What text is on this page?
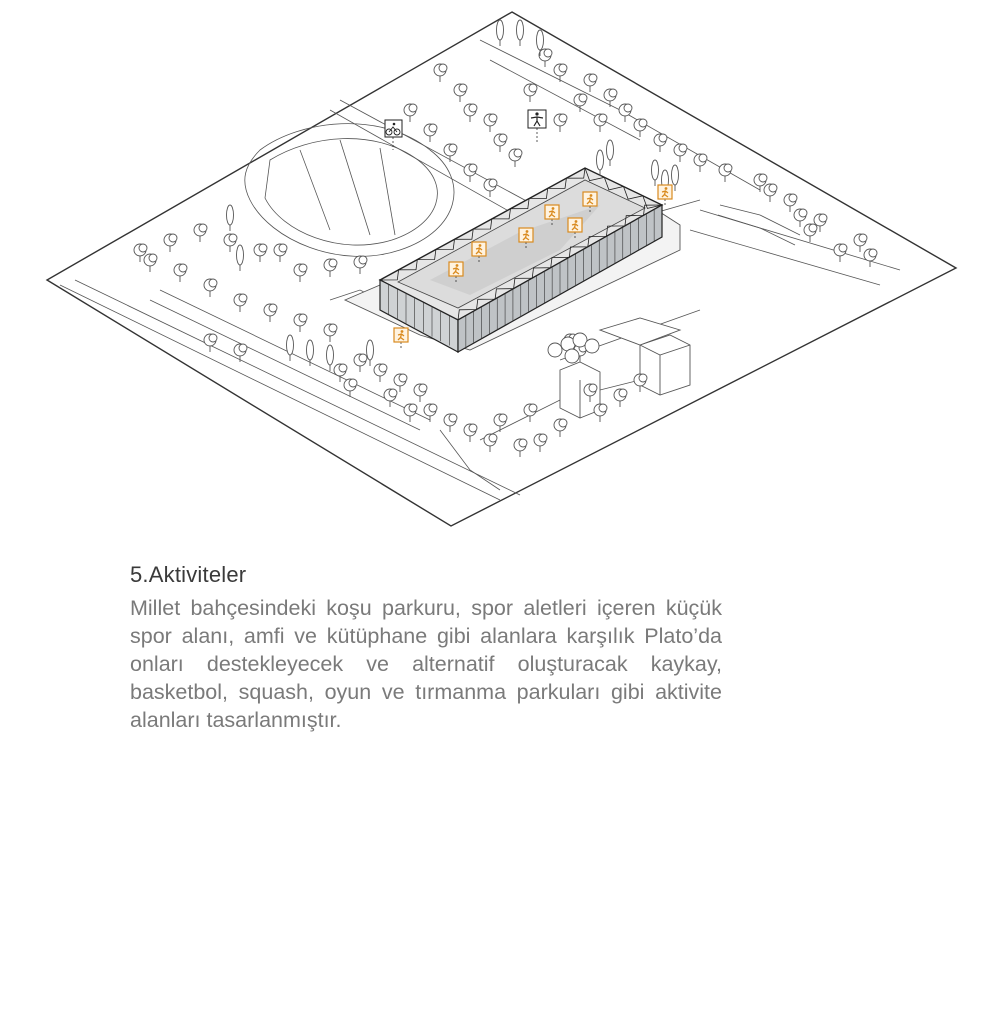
5.Aktiviteler

Millet bahçesindeki koşu parkuru, spor aletleri içeren küçük spor alanı, amfi ve kütüphane gibi alanlara karşılık Plato’da onları destekleyecek ve alternatif oluşturacak kaykay, basketbol, squash, oyun ve tırmanma parkuları gibi aktivite alanları tasarlanmıştır.
